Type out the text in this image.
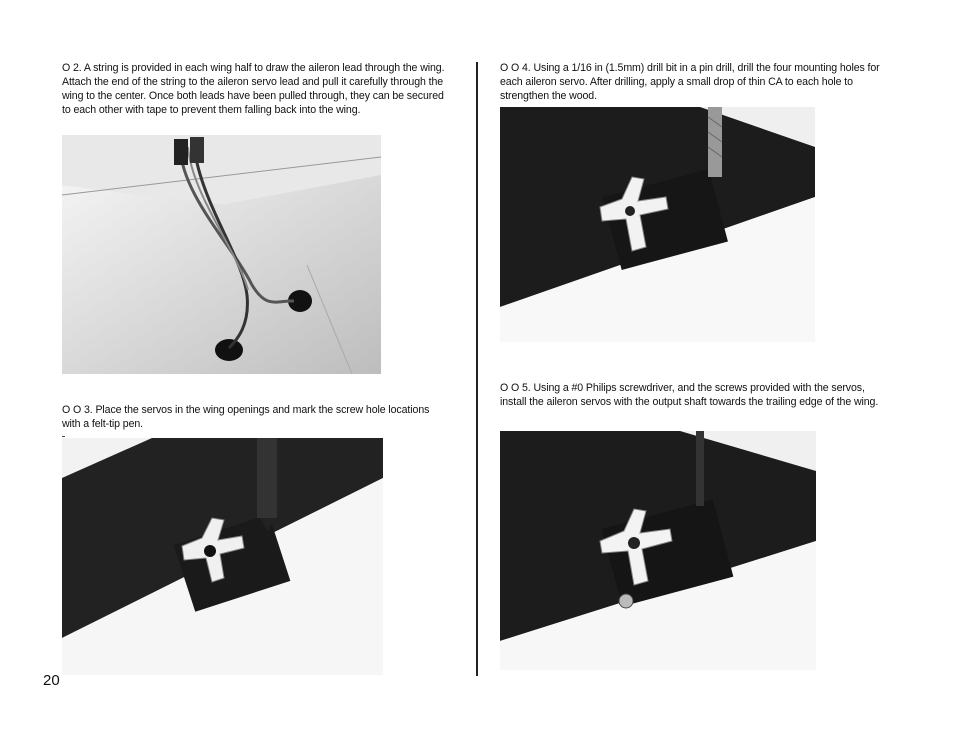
O 2. A string is provided in each wing half to draw the aileron lead through the wing. Attach the end of the string to the aileron servo lead and pull it carefully through the wing to the center. Once both leads have been pulled through, they can be secured to each other with tape to prevent them falling back into the wing.
O O 3. Place the servos in the wing openings and mark the screw hole locations with a felt-tip pen.
O O 4. Using a 1/16 in (1.5mm) drill bit in a pin drill, drill the four mounting holes for each aileron servo. After drilling, apply a small drop of thin CA to each hole to strengthen the wood.
O O 5. Using a #0 Philips screwdriver, and the screws provided with the servos, install the aileron servos with the output shaft towards the trailing edge of the wing.
20
